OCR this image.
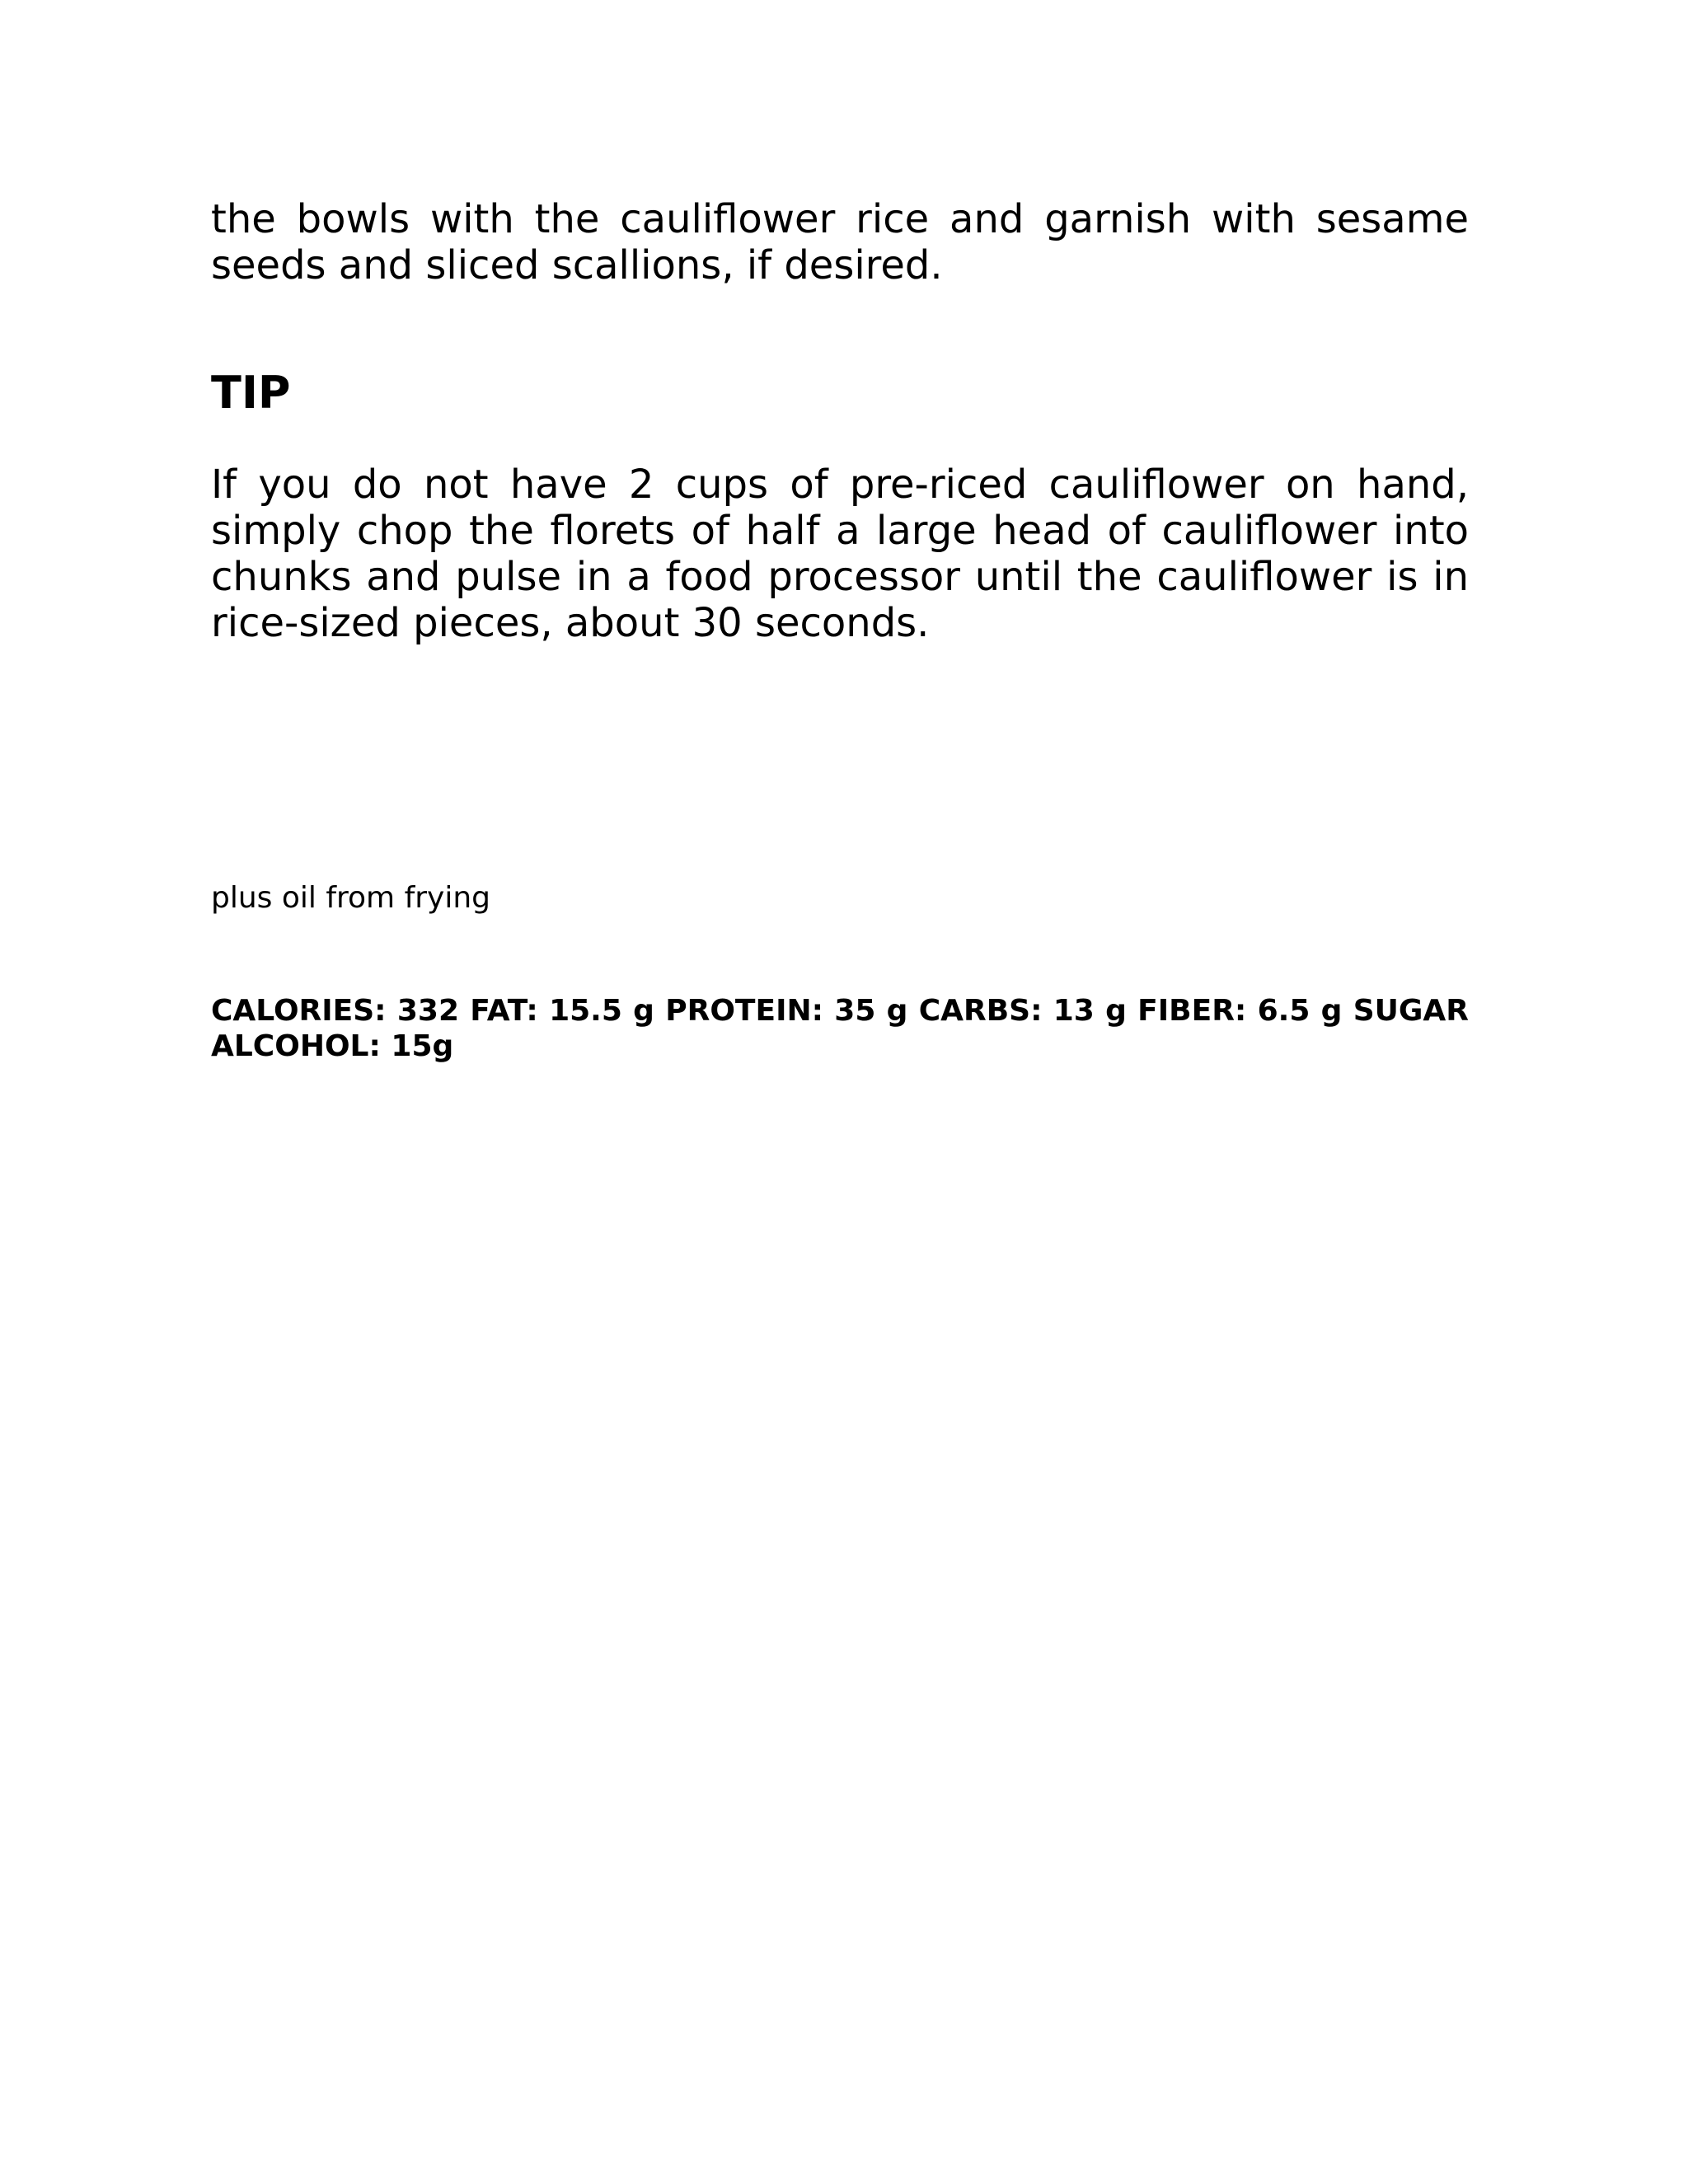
the bowls with the cauliflower rice and garnish with sesame seeds and sliced scallions, if desired.

TIP

If you do not have 2 cups of pre-riced cauliflower on hand, simply chop the florets of half a large head of cauliflower into chunks and pulse in a food processor until the cauliflower is in rice-sized pieces, about 30 seconds.

plus oil from frying

CALORIES: 332 FAT: 15.5 g PROTEIN: 35 g CARBS: 13 g FIBER: 6.5 g SUGAR ALCOHOL: 15g
